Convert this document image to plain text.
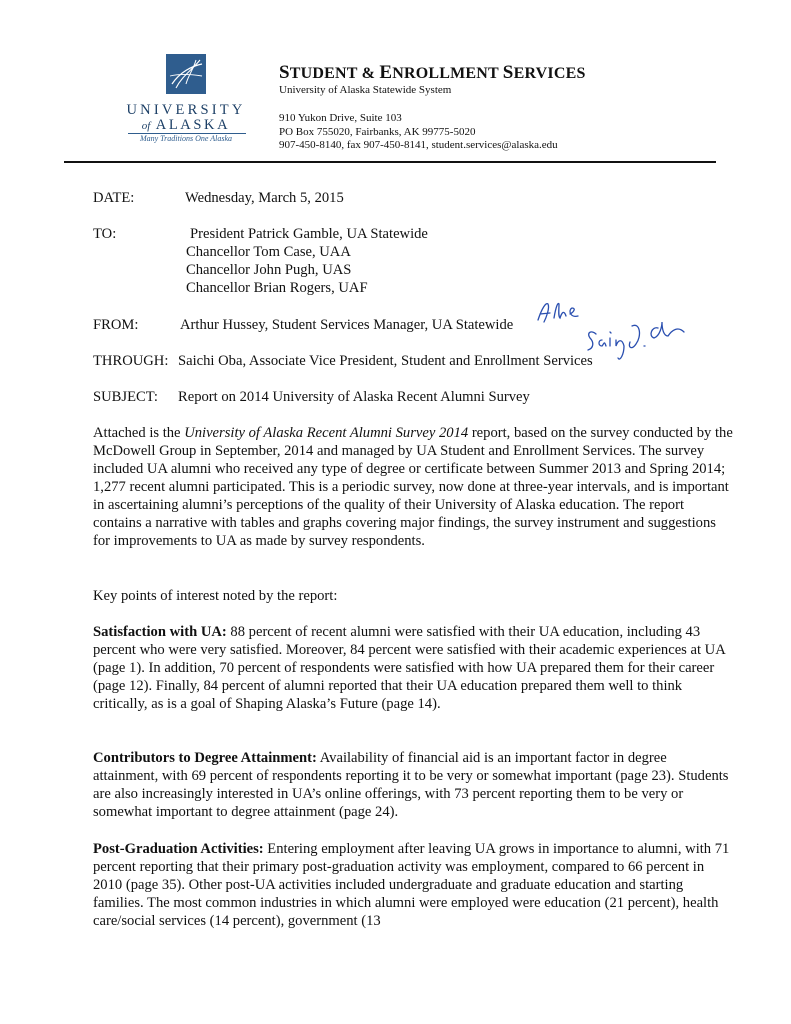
UNIVERSITY
of ALASKA
Many Traditions One Alaska
STUDENT & ENROLLMENT SERVICES
University of Alaska Statewide System
910 Yukon Drive, Suite 103
PO Box 755020, Fairbanks, AK 99775-5020
907-450-8140, fax 907-450-8141, student.services@alaska.edu
DATE:	Wednesday, March 5, 2015
TO:	President Patrick Gamble, UA Statewide
Chancellor Tom Case, UAA
Chancellor John Pugh, UAS
Chancellor Brian Rogers, UAF
FROM:	Arthur Hussey, Student Services Manager, UA Statewide
THROUGH: Saichi Oba, Associate Vice President, Student and Enrollment Services
SUBJECT: Report on 2014 University of Alaska Recent Alumni Survey

Attached is the University of Alaska Recent Alumni Survey 2014 report, based on the survey conducted by the McDowell Group in September, 2014 and managed by UA Student and Enrollment Services. The survey included UA alumni who received any type of degree or certificate between Summer 2013 and Spring 2014; 1,277 recent alumni participated. This is a periodic survey, now done at three-year intervals, and is important in ascertaining alumni’s perceptions of the quality of their University of Alaska education. The report contains a narrative with tables and graphs covering major findings, the survey instrument and suggestions for improvements to UA as made by survey respondents.

Key points of interest noted by the report:

Satisfaction with UA: 88 percent of recent alumni were satisfied with their UA education, including 43 percent who were very satisfied. Moreover, 84 percent were satisfied with their academic experiences at UA (page 1). In addition, 70 percent of respondents were satisfied with how UA prepared them for their career (page 12). Finally, 84 percent of alumni reported that their UA education prepared them well to think critically, as is a goal of Shaping Alaska’s Future (page 14).

Contributors to Degree Attainment: Availability of financial aid is an important factor in degree attainment, with 69 percent of respondents reporting it to be very or somewhat important (page 23). Students are also increasingly interested in UA’s online offerings, with 73 percent reporting them to be very or somewhat important to degree attainment (page 24).

Post-Graduation Activities: Entering employment after leaving UA grows in importance to alumni, with 71 percent reporting that their primary post-graduation activity was employment, compared to 66 percent in 2010 (page 35). Other post-UA activities included undergraduate and graduate education and starting families. The most common industries in which alumni were employed were education (21 percent), health care/social services (14 percent), government (13
